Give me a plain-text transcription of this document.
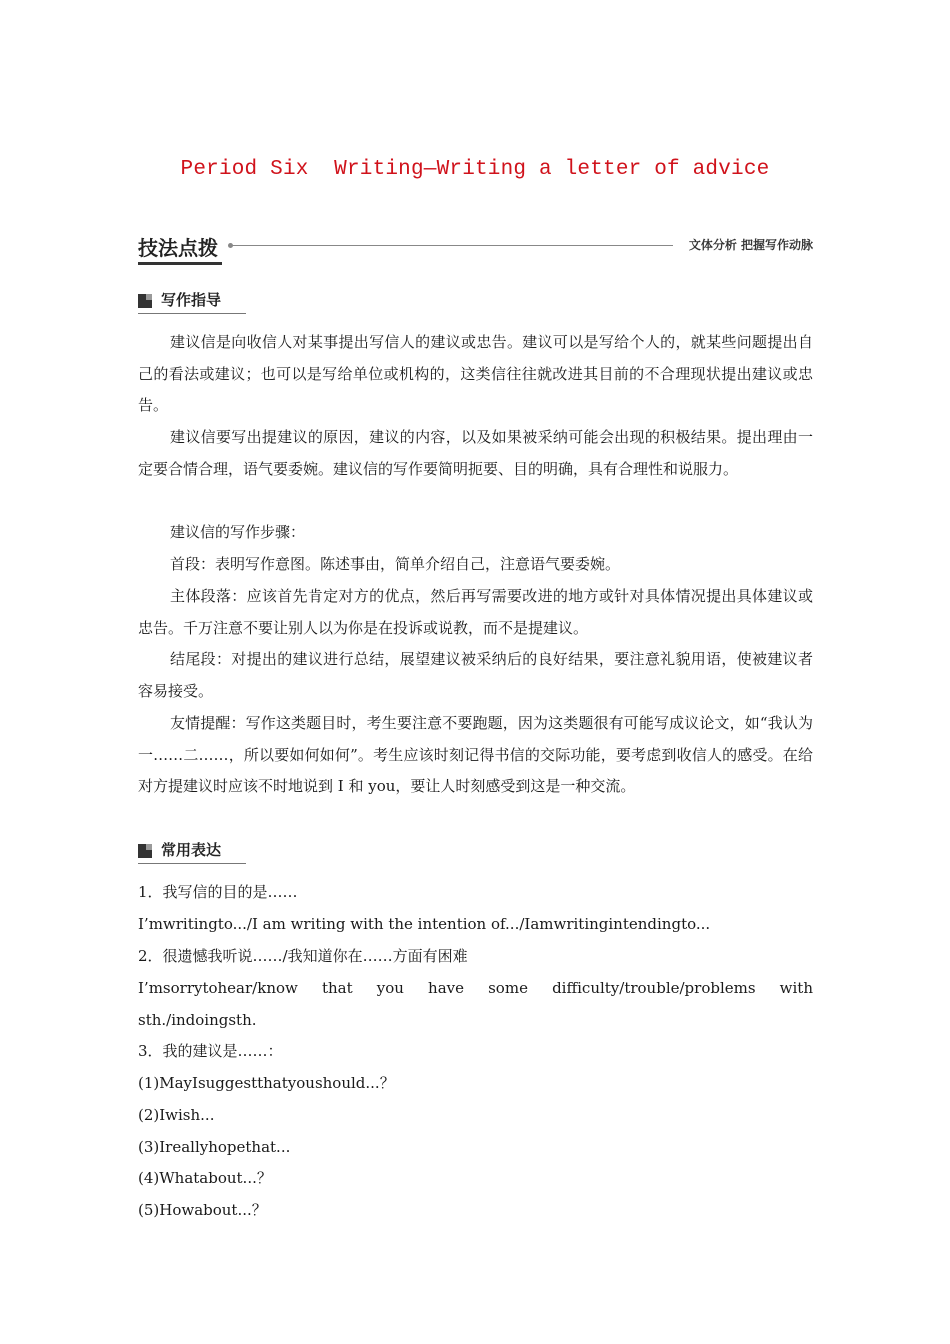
Period Six  Writing—Writing a letter of advice
技法点拨	文体分析 把握写作动脉
写作指导

建议信是向收信人对某事提出写信人的建议或忠告。建议可以是写给个人的，就某些问题提出自己的看法或建议；也可以是写给单位或机构的，这类信往往就改进其目前的不合理现状提出建议或忠告。

建议信要写出提建议的原因，建议的内容，以及如果被采纳可能会出现的积极结果。提出理由一定要合情合理，语气要委婉。建议信的写作要简明扼要、目的明确，具有合理性和说服力。

建议信的写作步骤：

首段：表明写作意图。陈述事由，简单介绍自己，注意语气要委婉。

主体段落：应该首先肯定对方的优点，然后再写需要改进的地方或针对具体情况提出具体建议或忠告。千万注意不要让别人以为你是在投诉或说教，而不是提建议。

结尾段：对提出的建议进行总结，展望建议被采纳后的良好结果，要注意礼貌用语，使被建议者容易接受。

友情提醒：写作这类题目时，考生要注意不要跑题，因为这类题很有可能写成议论文，如“我认为一……二……，所以要如何如何”。考生应该时刻记得书信的交际功能，要考虑到收信人的感受。在给对方提建议时应该不时地说到 I 和 you，要让人时刻感受到这是一种交流。

常用表达

1．我写信的目的是……

I’mwritingto.../I am writing with the intention of.../Iamwritingintendingto...

2．很遗憾我听说……/我知道你在……方面有困难

I’msorrytohear/know that you have some difficulty/trouble/problems with

sth./indoingsth.

3．我的建议是……：

(1)MayIsuggestthatyoushould...？

(2)Iwish...

(3)Ireallyhopethat...

(4)Whatabout...？

(5)Howabout...？
